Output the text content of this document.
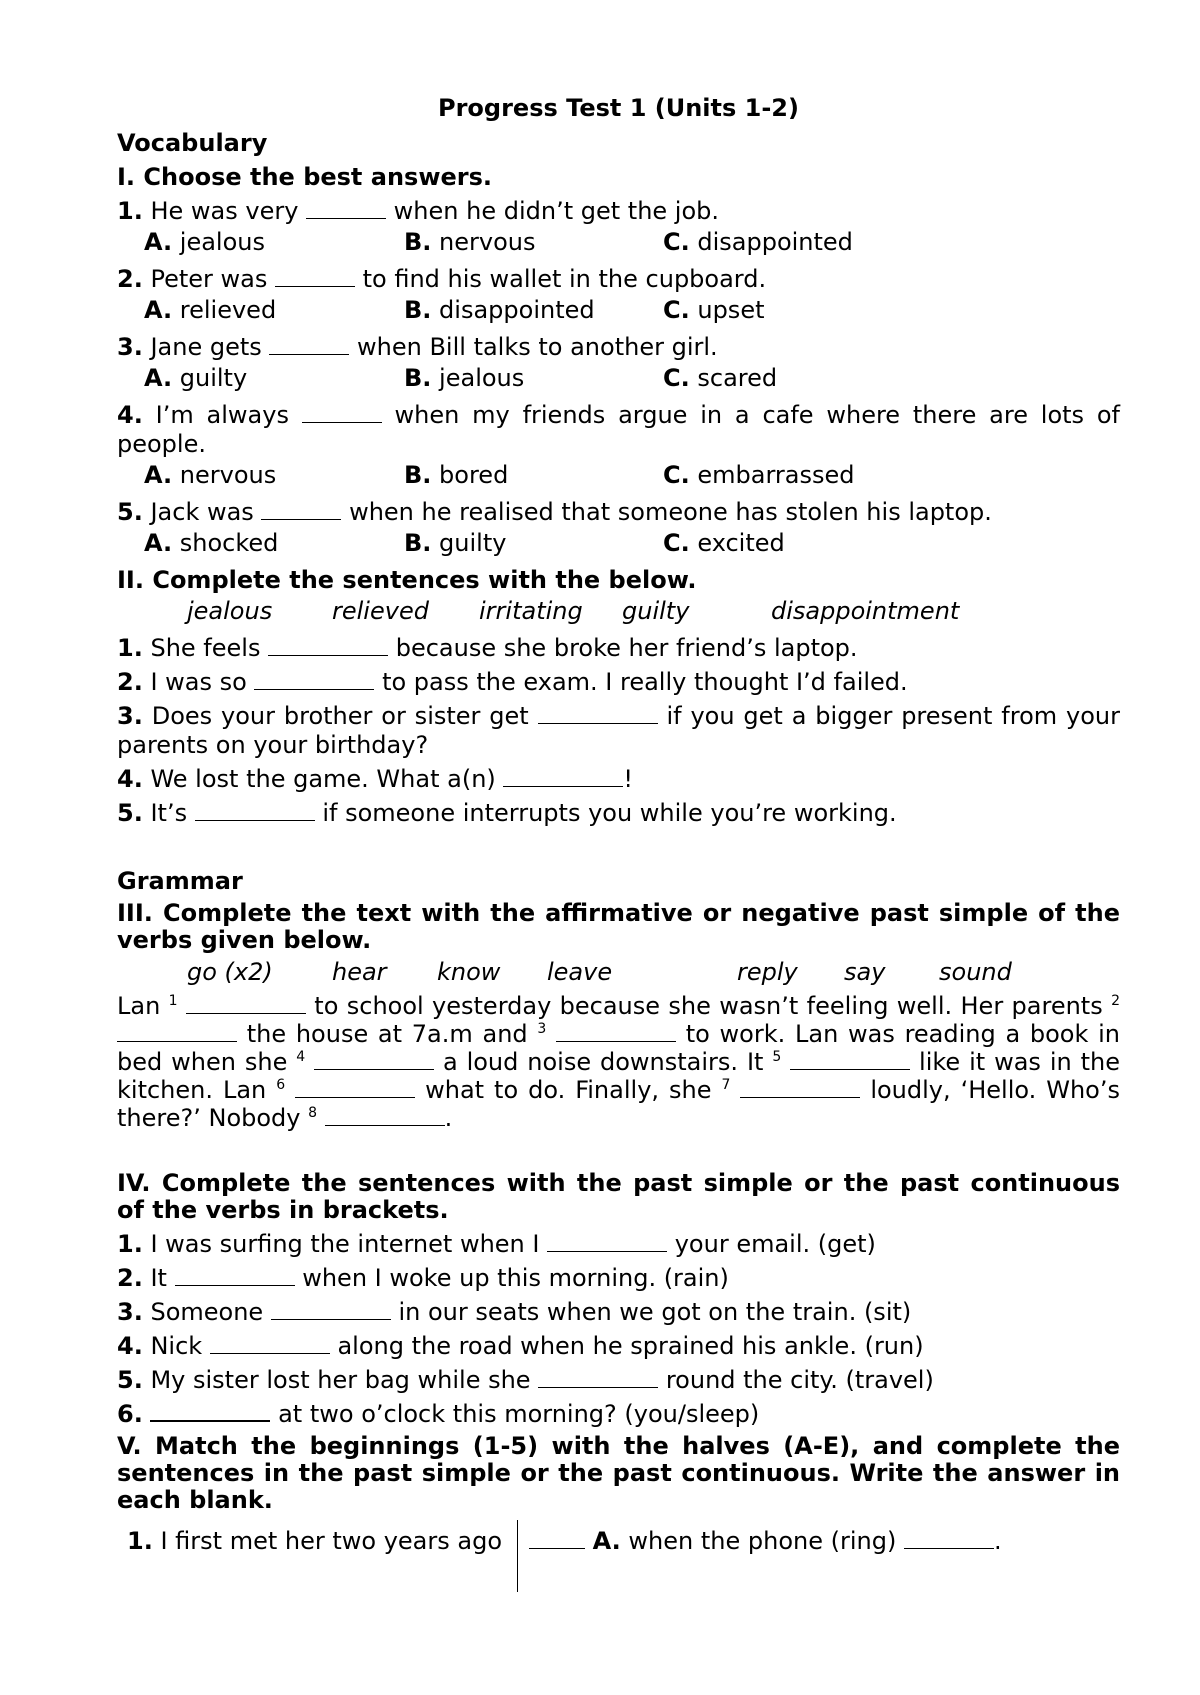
Progress Test 1 (Units 1-2)
Vocabulary
I. Choose the best answers.
1. He was very	when he didn’t get the job.
A. jealous	B. nervous	C. disappointed
2. Peter was	to find his wallet in the cupboard.
A. relieved	B. disappointed	C. upset
3. Jane gets	when Bill talks to another girl.
A. guilty	B. jealous	C. scared
4. I’m always	when my friends argue in a cafe where there are lots of people.
A. nervous	B. bored	C. embarrassed
5. Jack was	when he realised that someone has stolen his laptop.
A. shocked	B. guilty	C. excited
II. Complete the sentences with the below.
jealous relieved irritating guilty	disappointment
1. She feels	because she broke her friend’s laptop.
2. I was so	to pass the exam. I really thought I’d failed.
3. Does your brother or sister get	if you get a bigger present from your parents on your birthday?
4. We lost the game. What a(n)	!
5. It’s	if someone interrupts you while you’re working.
Grammar
III. Complete the text with the affirmative or negative past simple of the verbs given below.
go (x2) hear know leave	reply say sound
Lan $^1$	to school yesterday because she wasn’t feeling well. Her parents $^2$  the house at 7a.m and $^3$	to work. Lan was reading a book in bed when she $^4$	a loud noise downstairs. It $^5$	like it was in the kitchen. Lan $^6$	what to do. Finally, she $^7$	loudly, ‘Hello. Who’s there?’ Nobody $^8$	.
IV. Complete the sentences with the past simple or the past continuous of the verbs in brackets.
1. I was surfing the internet when I	your email. (get)
2. It	when I woke up this morning. (rain)
3. Someone	in our seats when we got on the train. (sit)
4. Nick	along the road when he sprained his ankle. (run)
5. My sister lost her bag while she	round the city. (travel)
6.	at two o’clock this morning? (you/sleep)
V. Match the beginnings (1-5) with the halves (A-E), and complete the sentences in the past simple or the past continuous. Write the answer in each blank.
1. I first met her two years ago	A. when the phone (ring)	.
